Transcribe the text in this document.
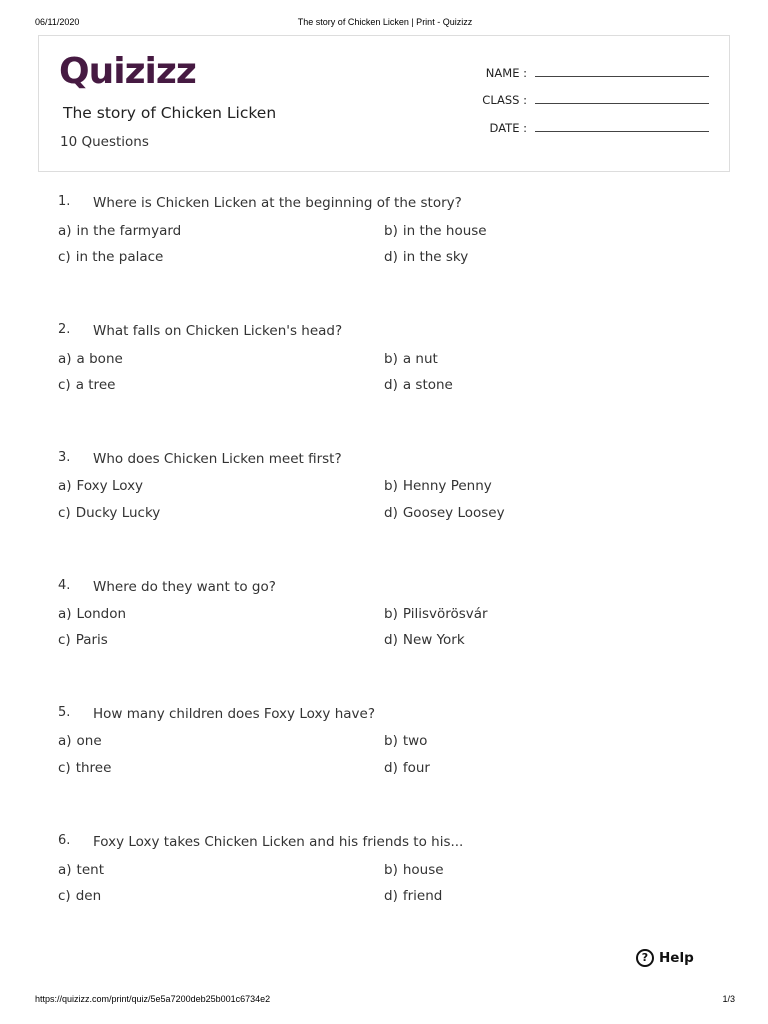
06/11/2020	The story of Chicken Licken | Print - Quizizz
Quizizz
The story of Chicken Licken
10 Questions
NAME :
CLASS :
DATE :
1. Where is Chicken Licken at the beginning of the story?
a) in the farmyard	b) in the house
c) in the palace	d) in the sky
2. What falls on Chicken Licken's head?
a) a bone	b) a nut
c) a tree	d) a stone
3. Who does Chicken Licken meet first?
a) Foxy Loxy	b) Henny Penny
c) Ducky Lucky	d) Goosey Loosey
4. Where do they want to go?
a) London	b) Pilisvörösvár
c) Paris	d) New York
5. How many children does Foxy Loxy have?
a) one	b) two
c) three	d) four
6. Foxy Loxy takes Chicken Licken and his friends to his...
a) tent	b) house
c) den	d) friend
? Help
https://quizizz.com/print/quiz/5e5a7200deb25b001c6734e2	1/3
